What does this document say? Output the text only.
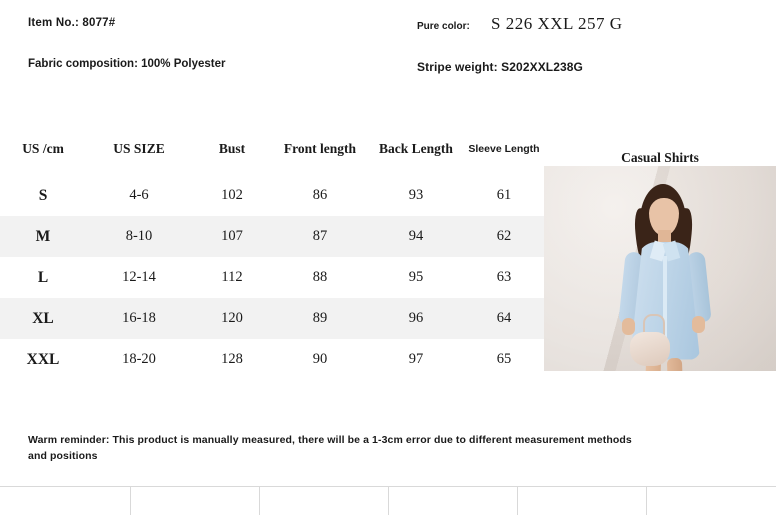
Item No.: 8077#
Fabric composition: 100% Polyester
Pure color: S 226 XXL 257 G
Stripe weight: S202XXL238G
US /cm	US SIZE	Bust	Front length	Back Length	Sleeve Length	Casual Shirts

S	4-6	102	86	93	61	
M	8-10	107	87	94	62	
L	12-14	112	88	95	63	
XL	16-18	120	89	96	64	
XXL	18-20	128	90	97	65	
Warm reminder: This product is manually measured, there will be a 1-3cm error due to different measurement methods and positions
